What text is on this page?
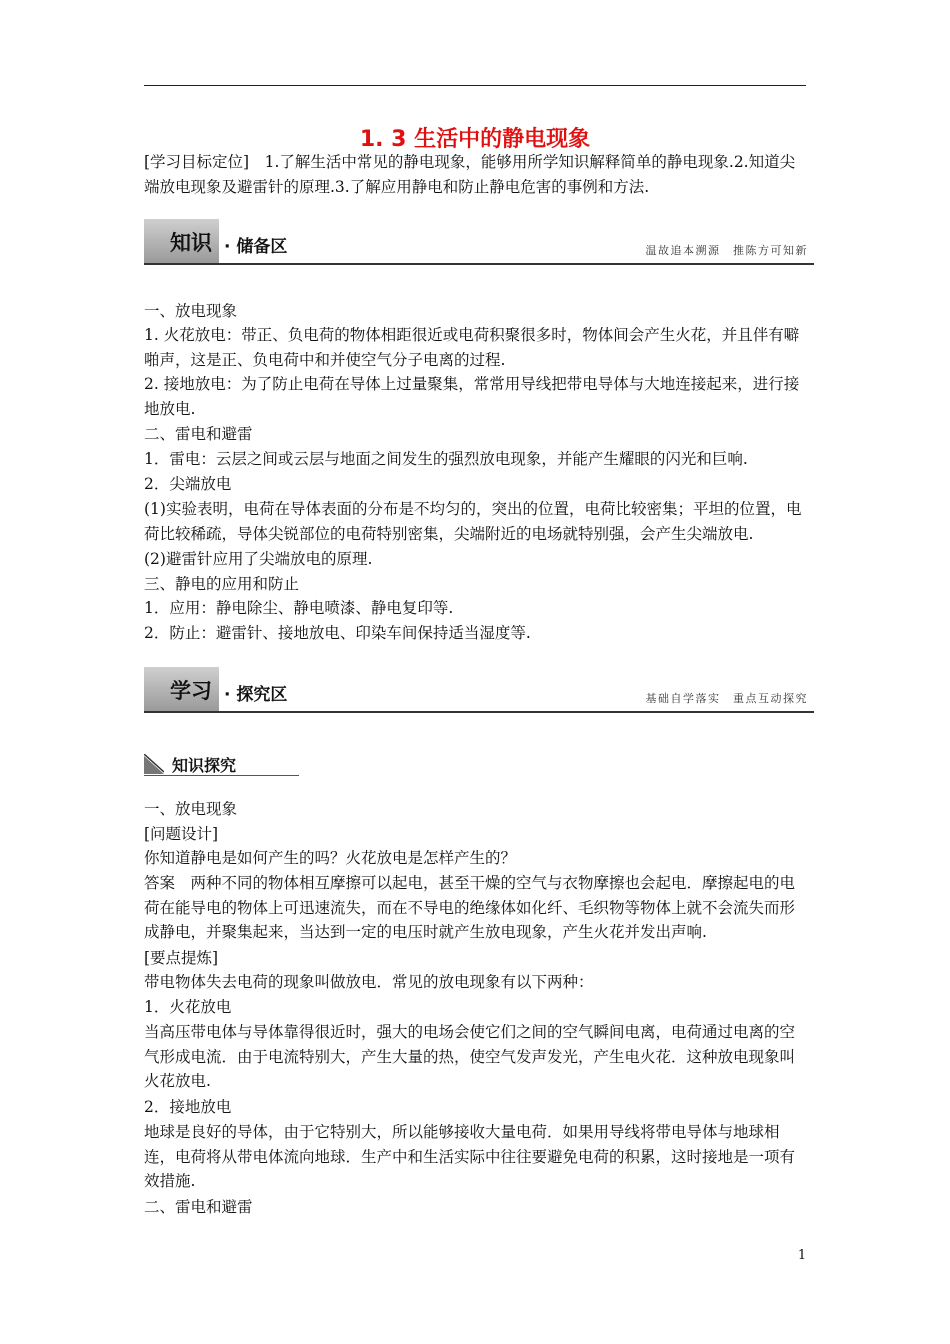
1. 3 生活中的静电现象

[学习目标定位]　1.了解生活中常见的静电现象，能够用所学知识解释简单的静电现象.2.知道尖端放电现象及避雷针的原理.3.了解应用静电和防止静电危害的事例和方法.

知识 · 储备区	温故追本溯源　推陈方可知新

一、放电现象

1. 火花放电：带正、负电荷的物体相距很近或电荷积聚很多时，物体间会产生火花，并且伴有噼啪声，这是正、负电荷中和并使空气分子电离的过程.

2. 接地放电：为了防止电荷在导体上过量聚集，常常用导线把带电导体与大地连接起来，进行接地放电.

二、雷电和避雷

1．雷电：云层之间或云层与地面之间发生的强烈放电现象，并能产生耀眼的闪光和巨响.

2．尖端放电

(1)实验表明，电荷在导体表面的分布是不均匀的，突出的位置，电荷比较密集；平坦的位置，电荷比较稀疏，导体尖锐部位的电荷特别密集，尖端附近的电场就特别强，会产生尖端放电.

(2)避雷针应用了尖端放电的原理.

三、静电的应用和防止

1．应用：静电除尘、静电喷漆、静电复印等.

2．防止：避雷针、接地放电、印染车间保持适当湿度等.

学习 · 探究区	基础自学落实　重点互动探究
知识探究

一、放电现象

[问题设计]

你知道静电是如何产生的吗？火花放电是怎样产生的？

答案　两种不同的物体相互摩擦可以起电，甚至干燥的空气与衣物摩擦也会起电．摩擦起电的电荷在能导电的物体上可迅速流失，而在不导电的绝缘体如化纤、毛织物等物体上就不会流失而形成静电，并聚集起来，当达到一定的电压时就产生放电现象，产生火花并发出声响.

[要点提炼]

带电物体失去电荷的现象叫做放电．常见的放电现象有以下两种：

1．火花放电

当高压带电体与导体靠得很近时，强大的电场会使它们之间的空气瞬间电离，电荷通过电离的空气形成电流．由于电流特别大，产生大量的热，使空气发声发光，产生电火花．这种放电现象叫火花放电.

2．接地放电

地球是良好的导体，由于它特别大，所以能够接收大量电荷．如果用导线将带电导体与地球相连，电荷将从带电体流向地球．生产中和生活实际中往往要避免电荷的积累，这时接地是一项有效措施.

二、雷电和避雷

1
